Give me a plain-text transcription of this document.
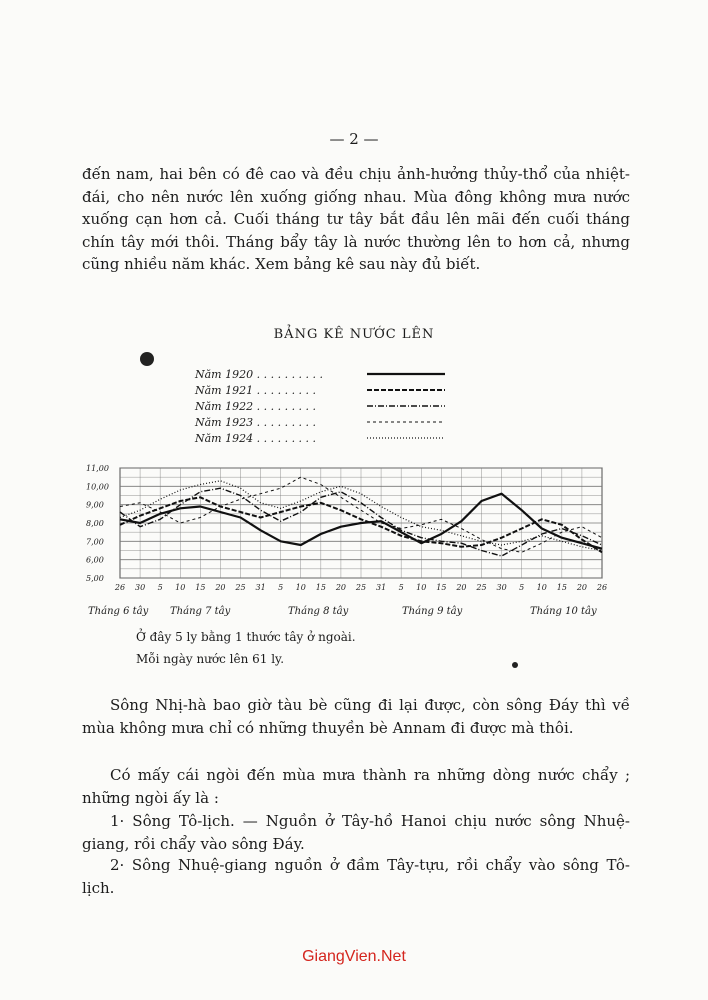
— 2 —
đến nam, hai bên có đê cao và đều chịu ảnh-hưởng thủy-thổ của nhiệt-đái, cho nên nước lên xuống giống nhau. Mùa đông không mưa nước xuống cạn hơn cả. Cuối tháng tư tây bắt đầu lên mãi đến cuối tháng chín tây mới thôi. Tháng bẩy tây là nước thường lên to hơn cả, nhưng cũng nhiều năm khác. Xem bảng kê sau này đủ biết.
BẢNG KÊ NƯỚC LÊN
Năm 1920 . . . . . . . . . .
Năm 1921 . . . . . . . . .
Năm 1922 . . . . . . . . .
Năm 1923 . . . . . . . . .
Năm 1924 . . . . . . . . .
11,00
10,00
9,00
8,00
7,00
6,00
5,00
26 30 5 10 15 20 25 31 5 10 15 20 25 31 5 10 15 20 25 30 5 10 15 20 26
Tháng 6 tây Tháng 7 tây	Tháng 8 tây	Tháng 9 tây	Tháng 10 tây
Ở đây 5 ly bằng 1 thước tây ở ngoài.
Mỗi ngày nước lên 61 ly.
Sông Nhị-hà bao giờ tàu bè cũng đi lại được, còn sông Đáy thì về mùa không mưa chỉ có những thuyền bè Annam đi được mà thôi.
Có mấy cái ngòi đến mùa mưa thành ra những dòng nước chẩy ; những ngòi ấy là :
1· Sông Tô-lịch. — Nguồn ở Tây-hồ Hanoi chịu nước sông Nhuệ-giang, rồi chẩy vào sông Đáy.
2· Sông Nhuệ-giang nguồn ở đầm Tây-tựu, rồi chẩy vào sông Tô-lịch.
GiangVien.Net
